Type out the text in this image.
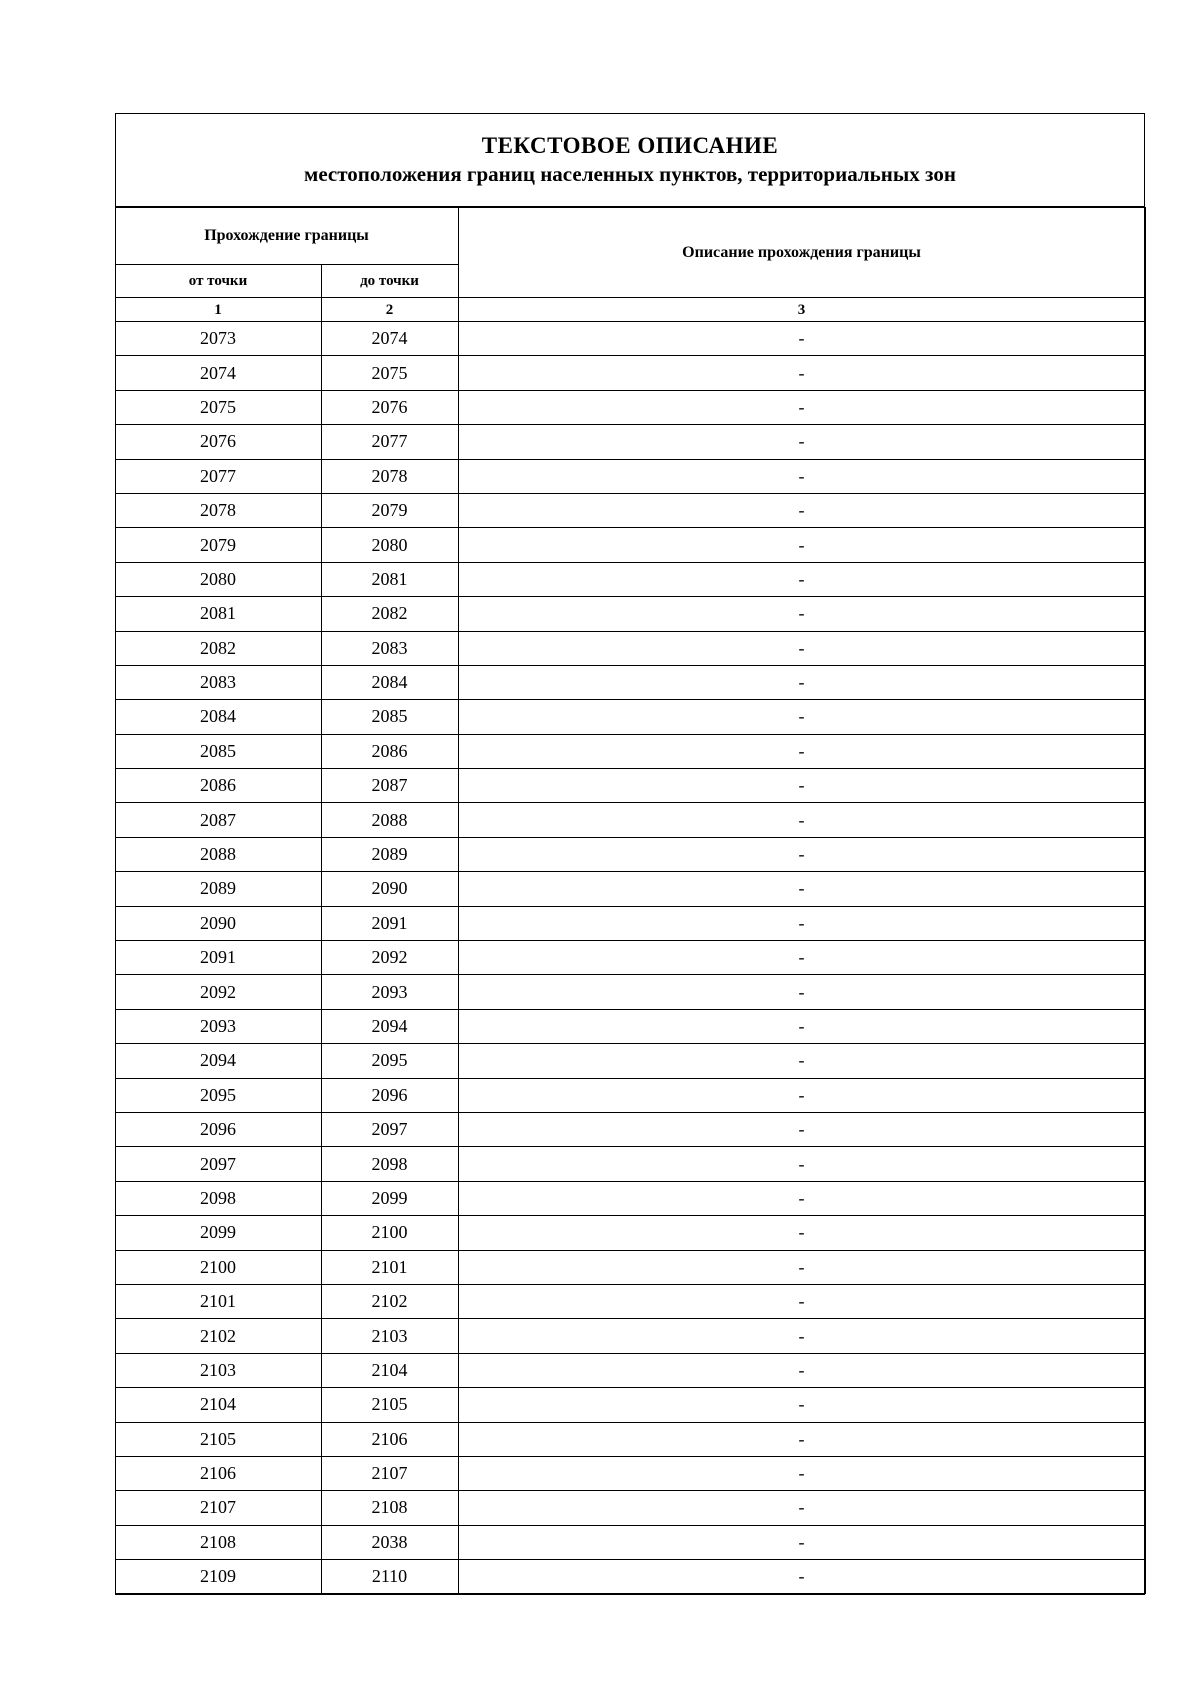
ТЕКСТОВОЕ ОПИСАНИЕ
местоположения границ населенных пунктов, территориальных зон
Прохождение границы		Описание прохождения границы
от точки	до точки	
1	2	3
2073	2074	-
2074	2075	-
2075	2076	-
2076	2077	-
2077	2078	-
2078	2079	-
2079	2080	-
2080	2081	-
2081	2082	-
2082	2083	-
2083	2084	-
2084	2085	-
2085	2086	-
2086	2087	-
2087	2088	-
2088	2089	-
2089	2090	-
2090	2091	-
2091	2092	-
2092	2093	-
2093	2094	-
2094	2095	-
2095	2096	-
2096	2097	-
2097	2098	-
2098	2099	-
2099	2100	-
2100	2101	-
2101	2102	-
2102	2103	-
2103	2104	-
2104	2105	-
2105	2106	-
2106	2107	-
2107	2108	-
2108	2038	-
2109	2110	-
